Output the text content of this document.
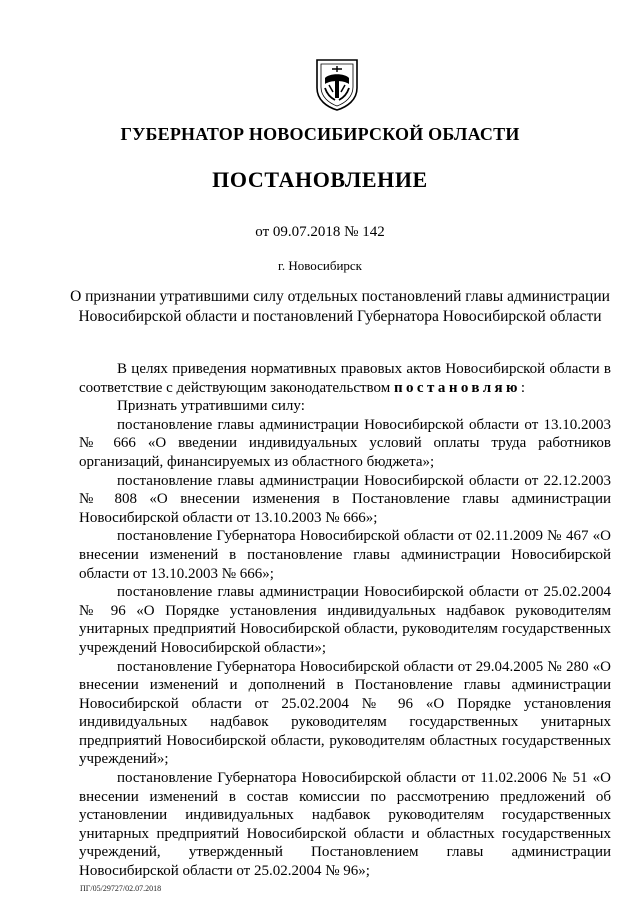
ГУБЕРНАТОР НОВОСИБИРСКОЙ ОБЛАСТИ
ПОСТАНОВЛЕНИЕ
от 09.07.2018 № 142
г. Новосибирск
О признании утратившими силу отдельных постановлений главы администрации Новосибирской области и постановлений Губернатора Новосибирской области

В целях приведения нормативных правовых актов Новосибирской области в соответствие с действующим законодательством постановляю:

Признать утратившими силу:

постановление главы администрации Новосибирской области от 13.10.2003 № 666 «О введении индивидуальных условий оплаты труда работников организаций, финансируемых из областного бюджета»;

постановление главы администрации Новосибирской области от 22.12.2003 № 808 «О внесении изменения в Постановление главы администрации Новосибирской области от 13.10.2003 № 666»;

постановление Губернатора Новосибирской области от 02.11.2009 № 467 «О внесении изменений в постановление главы администрации Новосибирской области от 13.10.2003 № 666»;

постановление главы администрации Новосибирской области от 25.02.2004 № 96 «О Порядке установления индивидуальных надбавок руководителям унитарных предприятий Новосибирской области, руководителям государственных учреждений Новосибирской области»;

постановление Губернатора Новосибирской области от 29.04.2005 № 280 «О внесении изменений и дополнений в Постановление главы администрации Новосибирской области от 25.02.2004 № 96 «О Порядке установления индивидуальных надбавок руководителям государственных унитарных предприятий Новосибирской области, руководителям областных государственных учреждений»;

постановление Губернатора Новосибирской области от 11.02.2006 № 51 «О внесении изменений в состав комиссии по рассмотрению предложений об установлении индивидуальных надбавок руководителям государственных унитарных предприятий Новосибирской области и областных государственных учреждений, утвержденный Постановлением главы администрации Новосибирской области от 25.02.2004 № 96»;

ПГ/05/29727/02.07.2018
